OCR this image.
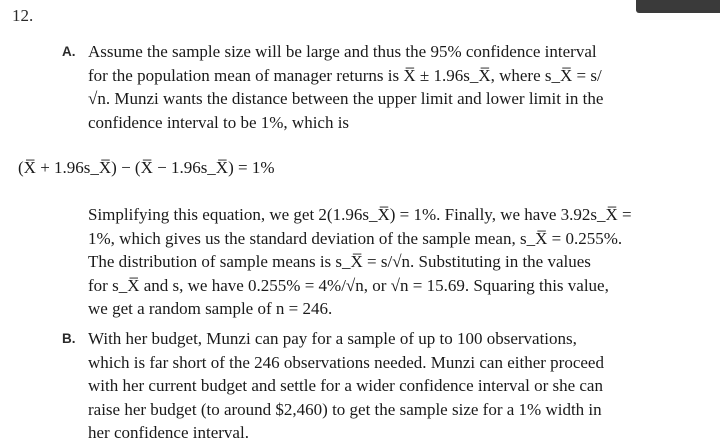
12.
A. Assume the sample size will be large and thus the 95% confidence interval
for the population mean of manager returns is X̅ ± 1.96s_X̅, where s_X̅ = s/
√n. Munzi wants the distance between the upper limit and lower limit in the
confidence interval to be 1%, which is
(X̅ + 1.96s_X̅) − (X̅ − 1.96s_X̅) = 1%
Simplifying this equation, we get 2(1.96s_X̅) = 1%. Finally, we have 3.92s_X̅ =
1%, which gives us the standard deviation of the sample mean, s_X̅ = 0.255%.
The distribution of sample means is s_X̅ = s/√n. Substituting in the values
for s_X̅ and s, we have 0.255% = 4%/√n, or √n = 15.69. Squaring this value,
we get a random sample of n = 246.
B. With her budget, Munzi can pay for a sample of up to 100 observations,
which is far short of the 246 observations needed. Munzi can either proceed
with her current budget and settle for a wider confidence interval or she can
raise her budget (to around $2,460) to get the sample size for a 1% width in
her confidence interval.
